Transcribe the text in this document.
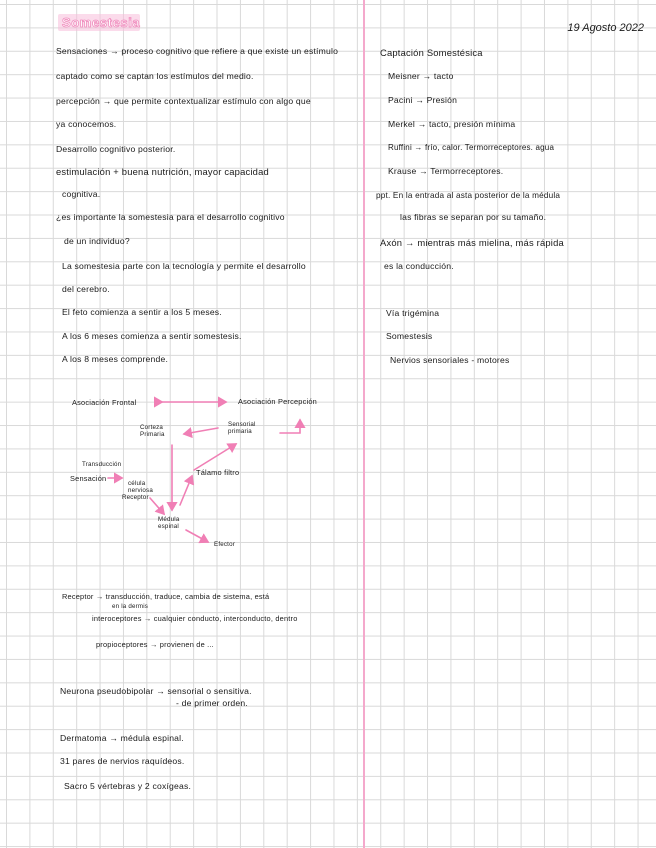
Somestesia	19 Agosto 2022
Sensaciones → proceso cognitivo que refiere a que existe un estímulo
captado como se captan los estímulos del medio.
percepción → que permite contextualizar estímulo con algo que
ya conocemos.
Desarrollo cognitivo posterior.
estimulación + buena nutrición, mayor capacidad
cognitiva.
¿es importante la somestesia para el desarrollo cognitivo
de un individuo?
La somestesia parte con la tecnología y permite el desarrollo
del cerebro.
El feto comienza a sentir a los 5 meses.
A los 6 meses comienza a sentir somestesis.
A los 8 meses comprende.
Asociación Frontal	Asociación Percepción
Corteza Primaria
Sensorial primaria
Transducción
Sensación
célula nerviosa
Receptor
Tálamo filtro
Médula espinal
Efector
Receptor → transducción, traduce, cambia de sistema, está
en la dermis
interoceptores → cualquier conducto, interconducto, dentro
propioceptores → provienen de ...
Neurona pseudobipolar → sensorial o sensitiva.
- de primer orden.
Dermatoma → médula espinal.
31 pares de nervios raquídeos.
Sacro 5 vértebras y 2 coxígeas.
Captación Somestésica
Meisner → tacto
Pacini → Presión
Merkel → tacto, presión mínima
Ruffini → frío, calor. Termorreceptores. agua
Krause → Termorreceptores.
ppt. En la entrada al asta posterior de la médula
las fibras se separan por su tamaño.
Axón → mientras más mielina, más rápida
es la conducción.
Vía trigémina
Somestesis
Nervios sensoriales - motores
